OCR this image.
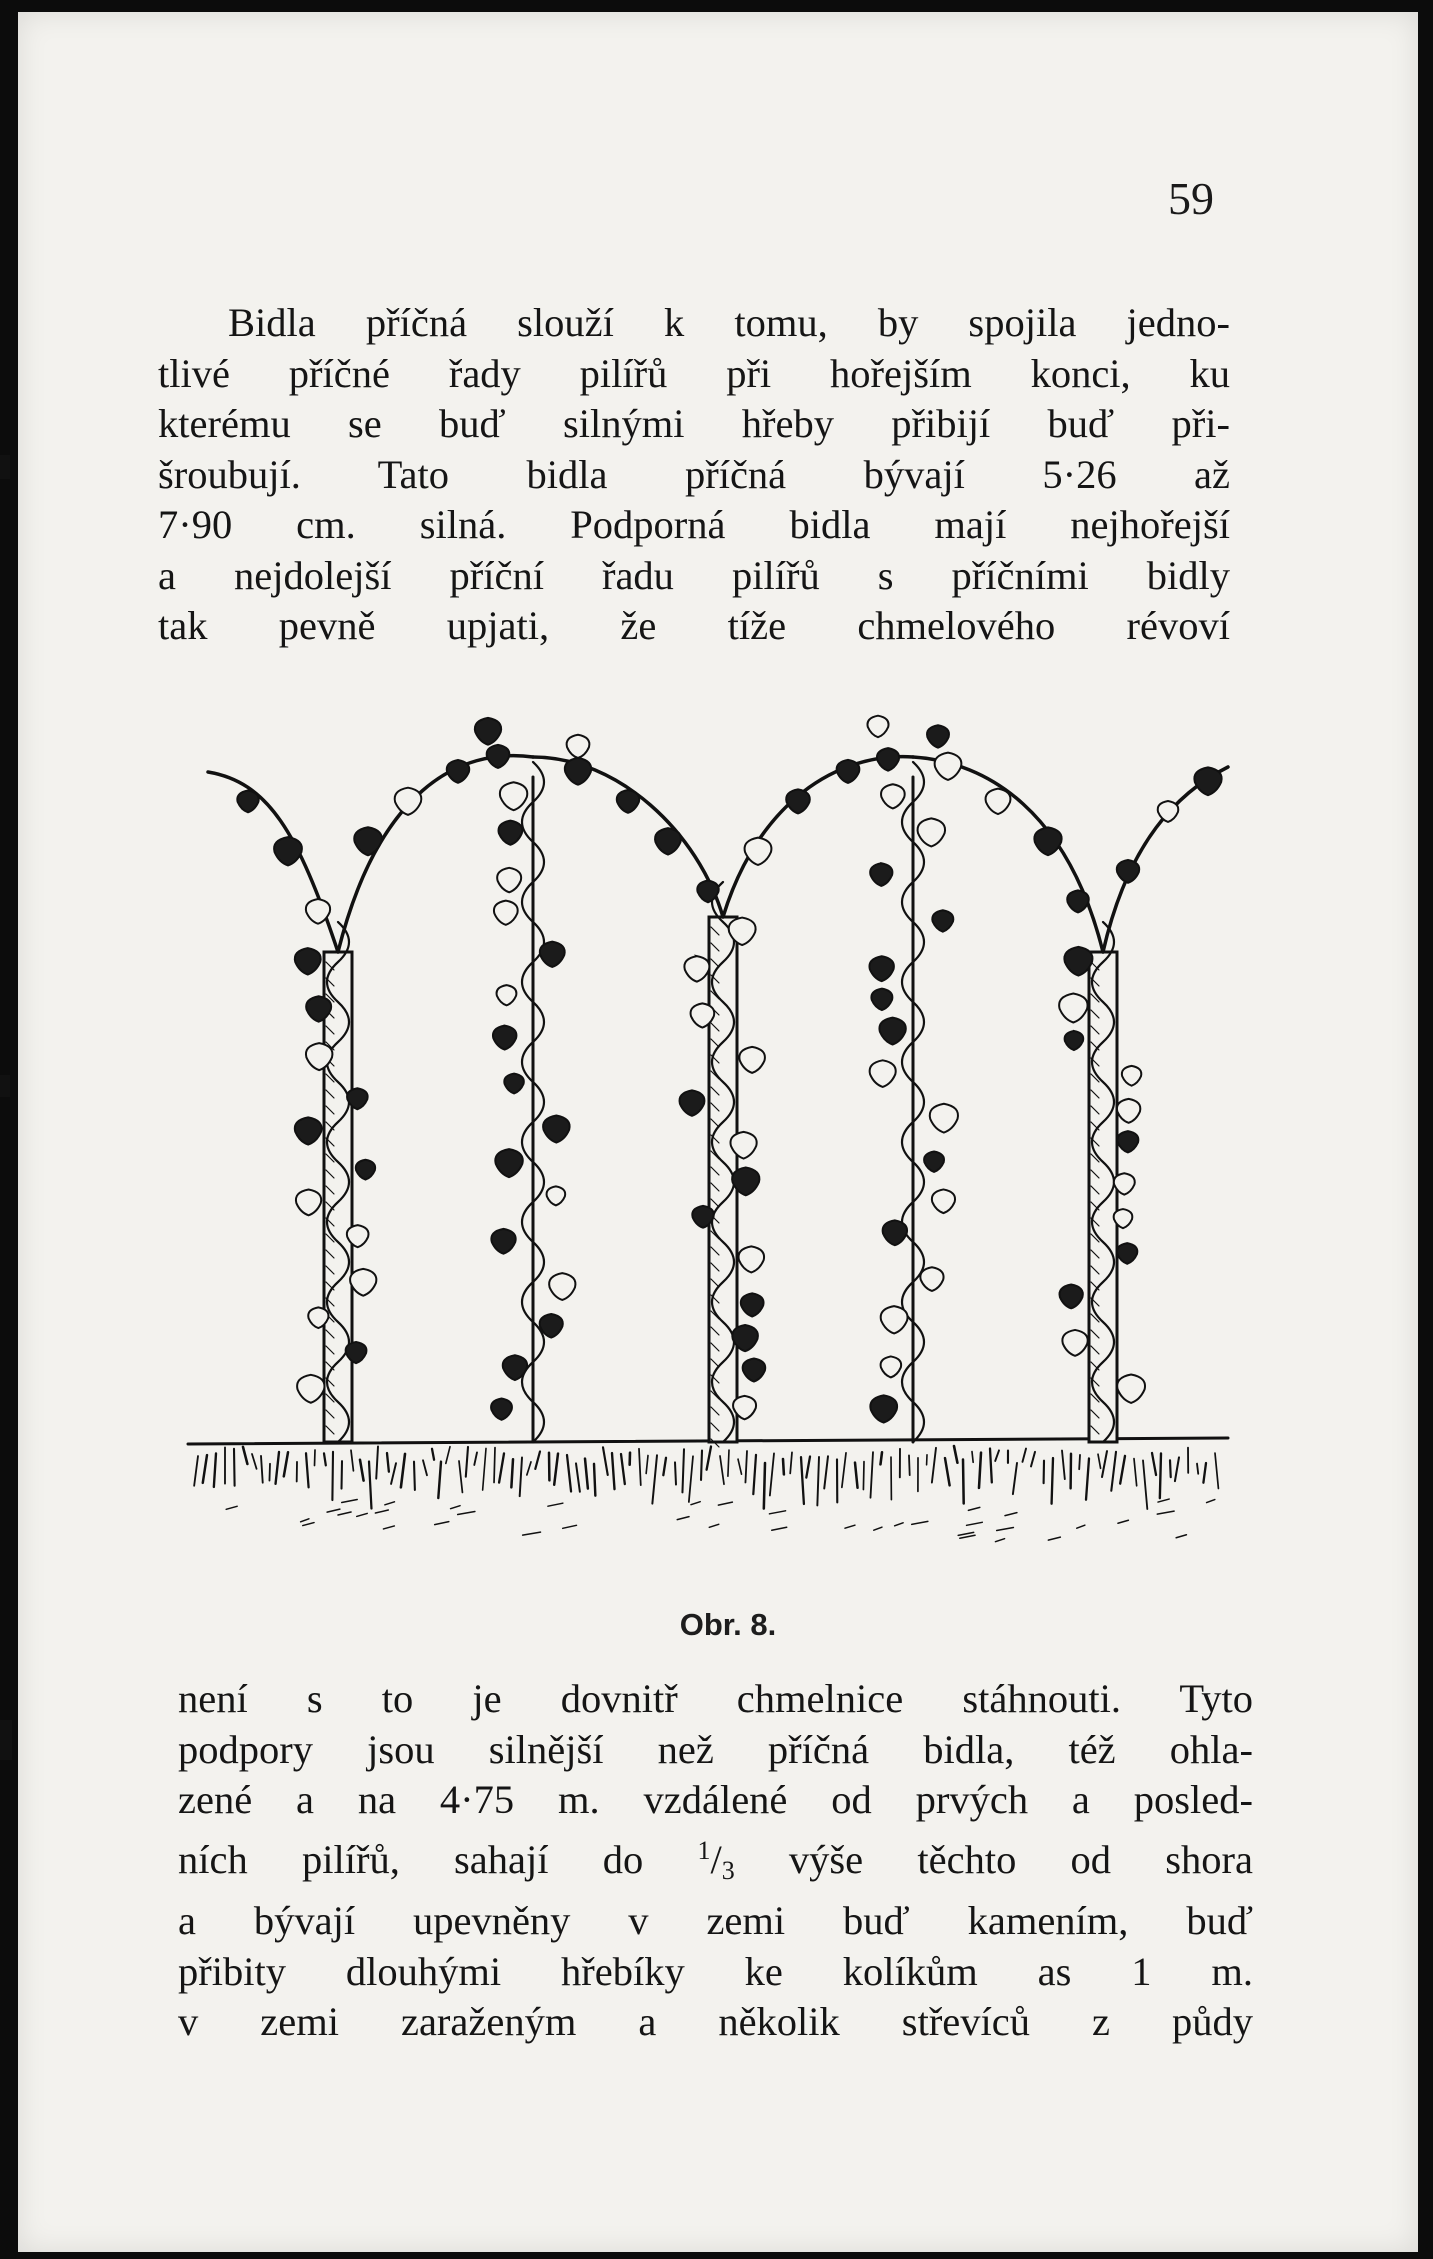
59
Bidla příčná slouží k tomu, by spojila jedno-
tlivé příčné řady pilířů při hořejším konci, ku
kterému se buď silnými hřeby přibijí buď při-
šroubují. Tato bidla příčná bývají 5·26 až
7·90 cm. silná. Podporná bidla mají nejhořejší
a nejdolejší příční řadu pilířů s příčními bidly
tak pevně upjati, že tíže chmelového révoví
Obr. 8.
není s to je dovnitř chmelnice stáhnouti. Tyto
podpory jsou silnější než příčná bidla, též ohla-
zené a na 4·75 m. vzdálené od prvých a posled-
ních pilířů, sahají do $^1/_3$ výše těchto od shora
a bývají upevněny v zemi buď kamením, buď
přibity dlouhými hřebíky ke kolíkům as 1 m.
v zemi zaraženým a několik střevíců z půdy
